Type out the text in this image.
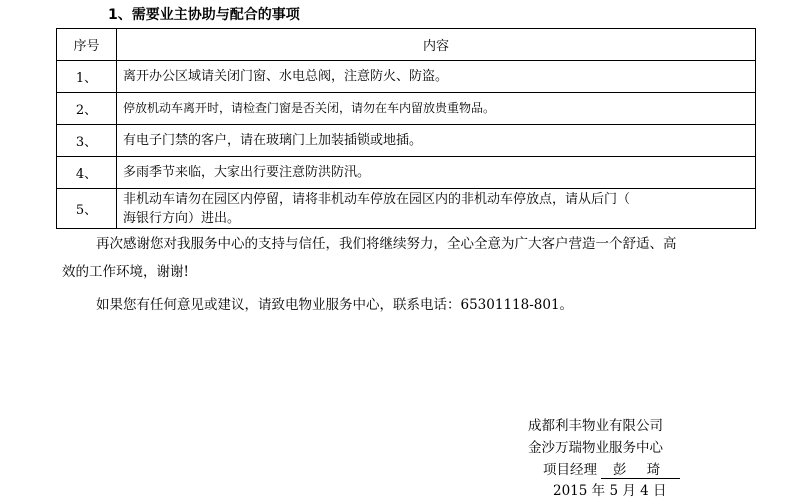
1、需要业主协助与配合的事项
序号	内容
1、	离开办公区域请关闭门窗、水电总阀，注意防火、防盗。
2、	停放机动车离开时，请检查门窗是否关闭，请勿在车内留放贵重物品。
3、	有电子门禁的客户，请在玻璃门上加装插锁或地插。
4、	多雨季节来临，大家出行要注意防洪防汛。
5、	非机动车请勿在园区内停留，请将非机动车停放在园区内的非机动车停放点，请从后门（
海银行方向）进出。
再次感谢您对我服务中心的支持与信任，我们将继续努力，全心全意为广大客户营造一个舒适、高
效的工作环境，谢谢!
如果您有任何意见或建议，请致电物业服务中心，联系电话：65301118-801。
成都利丰物业有限公司
金沙万瑞物业服务中心
项目经理 彭 琦
2015 年 5 月 4 日
